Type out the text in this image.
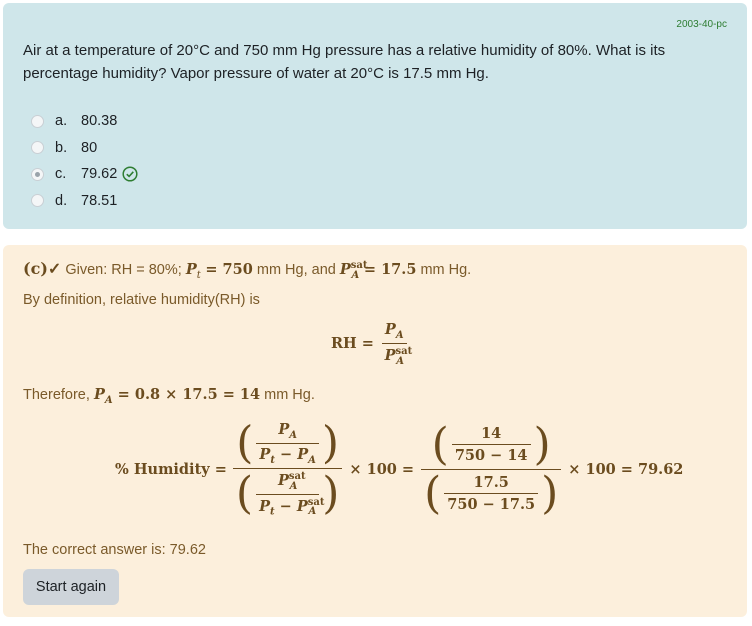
2003-40-pc
Air at a temperature of 20°C and 750 mm Hg pressure has a relative humidity of 80%. What is its percentage humidity? Vapor pressure of water at 20°C is 17.5 mm Hg.
a. 80.38
b. 80
c.	79.62
d. 78.51
(c)✓ Given: RH = 80%; $P_t = 750$ mm Hg, and $P^{sat}_A = 17.5$ mm Hg.
By definition, relative humidity(RH) is
RH = $\frac{P_A}{P^{sat}_A}$
Therefore, $P_A = 0.8 \times 17.5 = 14$ mm Hg.
% Humidity = $\frac{( \frac{P_A}{P_t - P_A} )}{( \frac{P^{sat}_A}{P_t - P^{sat}_A} )} \times 100 = \frac{( \frac{14}{750 - 14} )}{( \frac{17.5}{750 - 17.5} )} \times 100 = 79.62$
The correct answer is: 79.62
Start again
